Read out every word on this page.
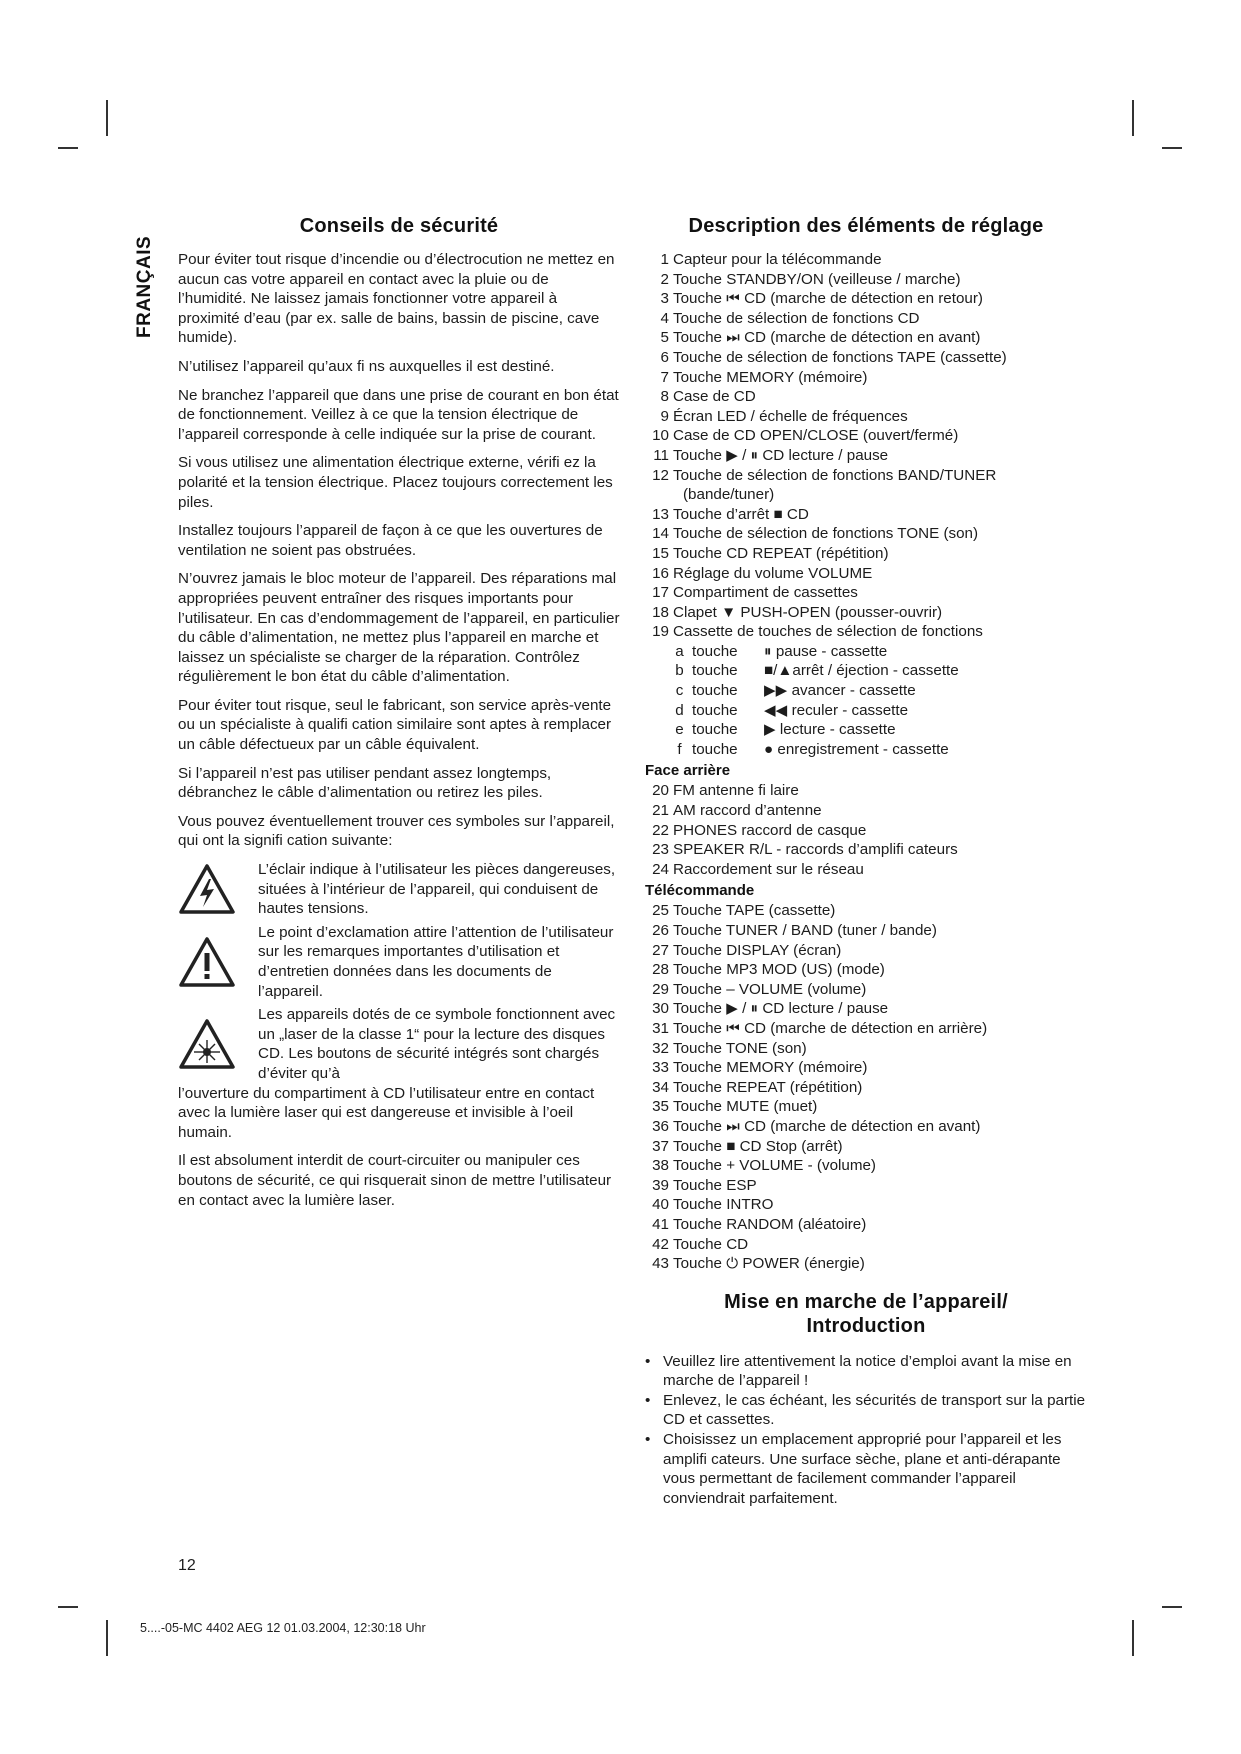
FRANÇAIS
Conseils de sécurité

Pour éviter tout risque d’incendie ou d’électrocution ne mettez en aucun cas votre appareil en contact avec la pluie ou de l’humidité. Ne laissez jamais fonctionner votre appareil à proximité d’eau (par ex. salle de bains, bassin de piscine, cave humide).

N’utilisez l’appareil qu’aux fi ns auxquelles il est destiné.

Ne branchez l’appareil que dans une prise de courant en bon état de fonctionnement. Veillez à ce que la tension électrique de l’appareil corresponde à celle indiquée sur la prise de courant.

Si vous utilisez une alimentation électrique externe, vérifi ez la polarité et la tension électrique. Placez toujours correctement les piles.

Installez toujours l’appareil de façon à ce que les ouvertures de ventilation ne soient pas obstruées.

N’ouvrez jamais le bloc moteur de l’appareil. Des réparations mal appropriées peuvent entraîner des risques importants pour l’utilisateur. En cas d’endommagement de l’appareil, en particulier du câble d’alimentation, ne mettez plus l’appareil en marche et laissez un spécialiste se charger de la réparation. Contrôlez régulièrement le bon état du câble d’alimentation.

Pour éviter tout risque, seul le fabricant, son service après-vente ou un spécialiste à qualifi cation similaire sont aptes à remplacer un câble défectueux par un câble équivalent.

Si l’appareil n’est pas utiliser pendant assez longtemps, débranchez le câble d’alimentation ou retirez les piles.

Vous pouvez éventuellement trouver ces symboles sur l’appareil, qui ont la signifi cation suivante:

L’éclair indique à l’utilisateur les pièces dangereuses, situées à l’intérieur de l’appareil, qui conduisent de hautes tensions.

Le point d’exclamation attire l’attention de l’utilisateur sur les remarques importantes d’utilisation et d’entretien données dans les documents de l’appareil.

Les appareils dotés de ce symbole fonctionnent avec un „laser de la classe 1“ pour la lecture des disques CD. Les boutons de sécurité intégrés sont chargés d’éviter qu’à

l’ouverture du compartiment à CD l’utilisateur entre en contact avec la lumière laser qui est dangereuse et invisible à l’oeil humain.

Il est absolument interdit de court-circuiter ou manipuler ces boutons de sécurité, ce qui risquerait sinon de mettre l’utilisateur en contact avec la lumière laser.

Description des éléments de réglage
1 Capteur pour la télécommande
2 Touche STANDBY/ON (veilleuse / marche)
3 Touche ⏮ CD (marche de détection en retour)
4 Touche de sélection de fonctions CD
5 Touche ⏭ CD (marche de détection en avant)
6 Touche de sélection de fonctions TAPE (cassette)
7 Touche MEMORY (mémoire)
8 Case de CD
9 Écran LED / échelle de fréquences
10 Case de CD OPEN/CLOSE (ouvert/fermé)
11 Touche ▶ / ⏸ CD lecture / pause
12 Touche de sélection de fonctions BAND/TUNER
(bande/tuner)
13 Touche d’arrêt ■ CD
14 Touche de sélection de fonctions TONE (son)
15 Touche CD REPEAT (répétition)
16 Réglage du volume VOLUME
17 Compartiment de cassettes
18 Clapet ▼ PUSH-OPEN (pousser-ouvrir)
19 Cassette de touches de sélection de fonctions
a touche	⏸ pause - cassette
b touche	■/▲arrêt / éjection - cassette
c touche	▶▶ avancer - cassette
d touche	◀◀ reculer - cassette
e touche	▶ lecture - cassette
f touche	● enregistrement - cassette
Face arrière
20 FM antenne fi laire
21 AM raccord d’antenne
22 PHONES raccord de casque
23 SPEAKER R/L - raccords d’amplifi cateurs
24 Raccordement sur le réseau
Télécommande
25 Touche TAPE (cassette)
26 Touche TUNER / BAND (tuner / bande)
27 Touche DISPLAY (écran)
28 Touche MP3 MOD (US) (mode)
29 Touche – VOLUME (volume)
30 Touche ▶ / ⏸ CD lecture / pause
31 Touche ⏮ CD (marche de détection en arrière)
32 Touche TONE (son)
33 Touche MEMORY (mémoire)
34 Touche REPEAT (répétition)
35 Touche MUTE (muet)
36 Touche ⏭ CD (marche de détection en avant)
37 Touche ■ CD Stop (arrêt)
38 Touche + VOLUME - (volume)
39 Touche ESP
40 Touche INTRO
41 Touche RANDOM (aléatoire)
42 Touche CD
43 Touche ⏻ POWER (énergie)
Mise en marche de l’appareil/
Introduction
• Veuillez lire attentivement la notice d’emploi avant la mise en marche de l’appareil !
• Enlevez, le cas échéant, les sécurités de transport sur la partie CD et cassettes.
• Choisissez un emplacement approprié pour l’appareil et les amplifi cateurs. Une surface sèche, plane et anti-dérapante vous permettant de facilement commander l’appareil conviendrait parfaitement.
12
5....-05-MC 4402 AEG 12 01.03.2004, 12:30:18 Uhr
